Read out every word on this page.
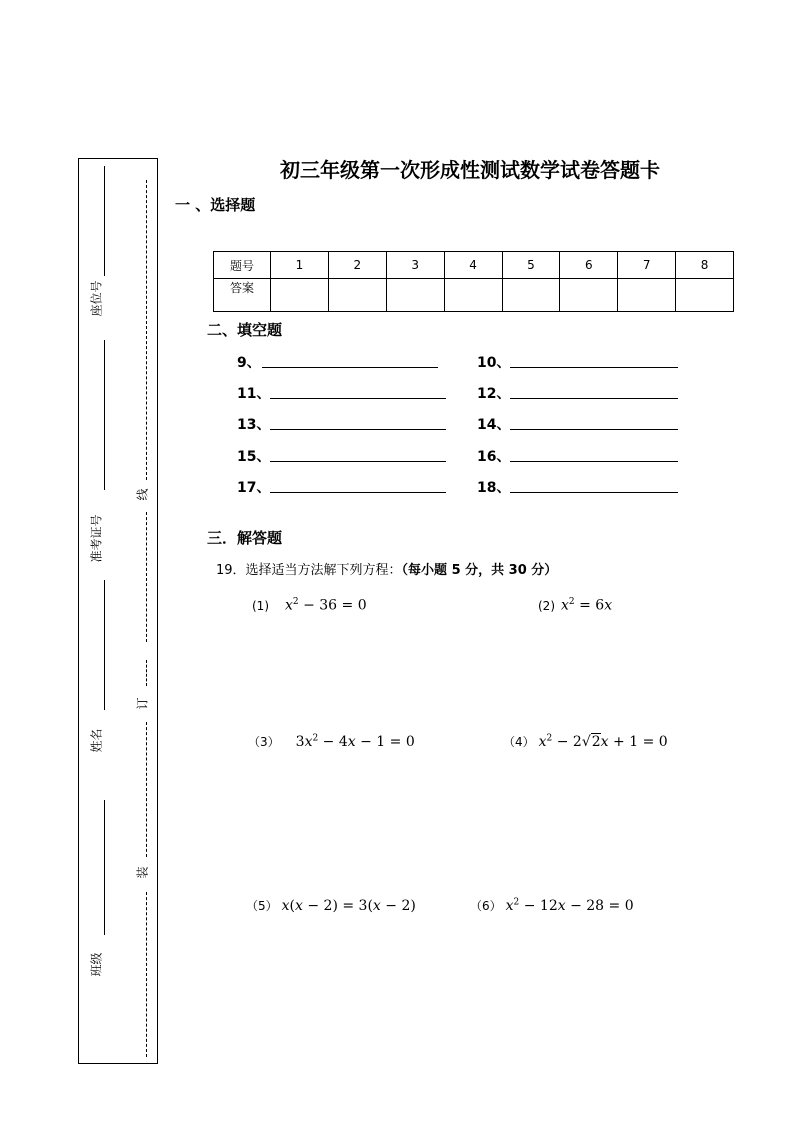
座位号
准考证号
姓名
班级
线
订
装
初三年级第一次形成性测试数学试卷答题卡
一 、选择题
题号	1	2	3	4	5	6	7	8
答案								
二、填空题
9、	10、
11、	12、
13、	14、
15、	16、
17、	18、
三．解答题
19．选择适当方法解下列方程：（每小题 5 分，共 30 分）
(1) $x^2 - 36 = 0$	(2) $x^2 = 6x$
（3） $3x^2 - 4x - 1 = 0$	（4） $x^2 - 2√2x + 1 = 0$
（5） x(x − 2) = 3(x − 2)	（6） $x^2 - 12x - 28 = 0$
